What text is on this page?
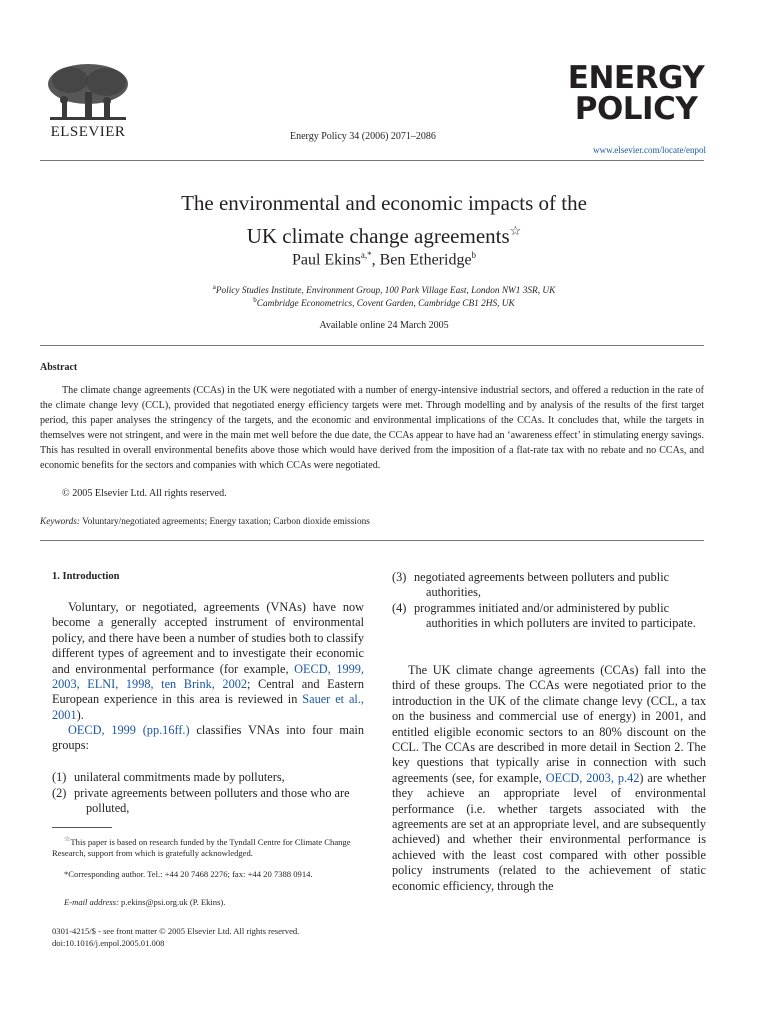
ELSEVIER	Energy Policy 34 (2006) 2071–2086
ENERGY
POLICY
www.elsevier.com/locate/enpol
The environmental and economic impacts of the
UK climate change agreements☆
Paul Ekins$^{a,*}$, Ben Etheridge$^b$
$^a$Policy Studies Institute, Environment Group, 100 Park Village East, London NW1 3SR, UK
$^b$Cambridge Econometrics, Covent Garden, Cambridge CB1 2HS, UK
Available online 24 March 2005
Abstract
The climate change agreements (CCAs) in the UK were negotiated with a number of energy-intensive industrial sectors, and offered a reduction in the rate of the climate change levy (CCL), provided that negotiated energy efficiency targets were met. Through modelling and by analysis of the results of the first target period, this paper analyses the stringency of the targets, and the economic and environmental implications of the CCAs. It concludes that, while the targets in themselves were not stringent, and were in the main met well before the due date, the CCAs appear to have had an ‘awareness effect’ in stimulating energy savings. This has resulted in overall environmental benefits above those which would have derived from the imposition of a flat-rate tax with no rebate and no CCAs, and economic benefits for the sectors and companies with which CCAs were negotiated.
© 2005 Elsevier Ltd. All rights reserved.
Keywords: Voluntary/negotiated agreements; Energy taxation; Carbon dioxide emissions
1. Introduction
Voluntary, or negotiated, agreements (VNAs) have now become a generally accepted instrument of environmental policy, and there have been a number of studies both to classify different types of agreement and to investigate their economic and environmental performance (for example, OECD, 1999, 2003, ELNI, 1998, ten Brink, 2002; Central and Eastern European experience in this area is reviewed in Sauer et al., 2001).
OECD, 1999 (pp.16ff.) classifies VNAs into four main groups:
(1) unilateral commitments made by polluters,
(2) private agreements between polluters and those who are polluted,
☆This paper is based on research funded by the Tyndall Centre for Climate Change Research, support from which is gratefully acknowledged.
*Corresponding author. Tel.: +44 20 7468 2276; fax: +44 20 7388 0914.
E-mail address: p.ekins@psi.org.uk (P. Ekins).
0301-4215/$ - see front matter © 2005 Elsevier Ltd. All rights reserved.
doi:10.1016/j.enpol.2005.01.008
(3) negotiated agreements between polluters and public authorities,
(4) programmes initiated and/or administered by public authorities in which polluters are invited to participate.
The UK climate change agreements (CCAs) fall into the third of these groups. The CCAs were negotiated prior to the introduction in the UK of the climate change levy (CCL, a tax on the business and commercial use of energy) in 2001, and entitled eligible economic sectors to an 80% discount on the CCL. The CCAs are described in more detail in Section 2. The key questions that typically arise in connection with such agreements (see, for example, OECD, 2003, p.42) are whether they achieve an appropriate level of environmental performance (i.e. whether targets associated with the agreements are set at an appropriate level, and are subsequently achieved) and whether their environmental performance is achieved with the least cost compared with other possible policy instruments (related to the achievement of static economic efficiency, through the
